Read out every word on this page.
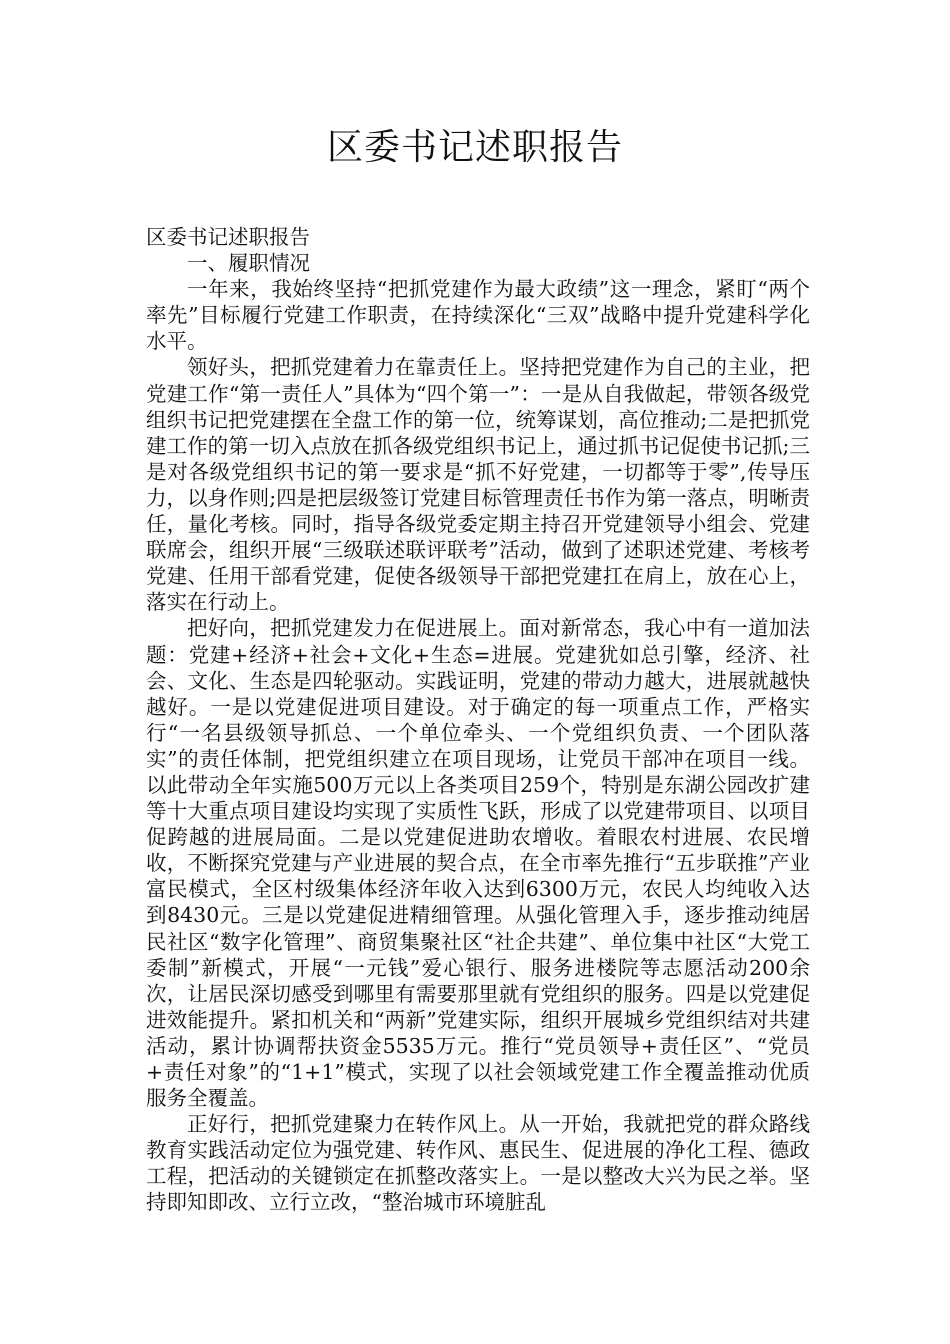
区委书记述职报告

区委书记述职报告

一、履职情况

一年来，我始终坚持“把抓党建作为最大政绩”这一理念，紧盯“两个率先”目标履行党建工作职责，在持续深化“三双”战略中提升党建科学化水平。

领好头，把抓党建着力在靠责任上。坚持把党建作为自己的主业，把党建工作“第一责任人”具体为“四个第一”：一是从自我做起，带领各级党组织书记把党建摆在全盘工作的第一位，统筹谋划，高位推动;二是把抓党建工作的第一切入点放在抓各级党组织书记上，通过抓书记促使书记抓;三是对各级党组织书记的第一要求是“抓不好党建，一切都等于零”,传导压力，以身作则;四是把层级签订党建目标管理责任书作为第一落点，明晰责任，量化考核。同时，指导各级党委定期主持召开党建领导小组会、党建联席会，组织开展“三级联述联评联考”活动，做到了述职述党建、考核考党建、任用干部看党建，促使各级领导干部把党建扛在肩上，放在心上，落实在行动上。

把好向，把抓党建发力在促进展上。面对新常态，我心中有一道加法题：党建+经济+社会+文化+生态=进展。党建犹如总引擎，经济、社会、文化、生态是四轮驱动。实践证明，党建的带动力越大，进展就越快越好。一是以党建促进项目建设。对于确定的每一项重点工作，严格实行“一名县级领导抓总、一个单位牵头、一个党组织负责、一个团队落实”的责任体制，把党组织建立在项目现场，让党员干部冲在项目一线。以此带动全年实施500万元以上各类项目259个，特别是东湖公园改扩建等十大重点项目建设均实现了实质性飞跃，形成了以党建带项目、以项目促跨越的进展局面。二是以党建促进助农增收。着眼农村进展、农民增收，不断探究党建与产业进展的契合点，在全市率先推行“五步联推”产业富民模式，全区村级集体经济年收入达到6300万元，农民人均纯收入达到8430元。三是以党建促进精细管理。从强化管理入手，逐步推动纯居民社区“数字化管理”、商贸集聚社区“社企共建”、单位集中社区“大党工委制”新模式，开展“一元钱”爱心银行、服务进楼院等志愿活动200余次，让居民深切感受到哪里有需要那里就有党组织的服务。四是以党建促进效能提升。紧扣机关和“两新”党建实际，组织开展城乡党组织结对共建活动，累计协调帮扶资金5535万元。推行“党员领导+责任区”、“党员+责任对象”的“1+1”模式，实现了以社会领域党建工作全覆盖推动优质服务全覆盖。

正好行，把抓党建聚力在转作风上。从一开始，我就把党的群众路线教育实践活动定位为强党建、转作风、惠民生、促进展的净化工程、德政工程，把活动的关键锁定在抓整改落实上。一是以整改大兴为民之举。坚持即知即改、立行立改，“整治城市环境脏乱
